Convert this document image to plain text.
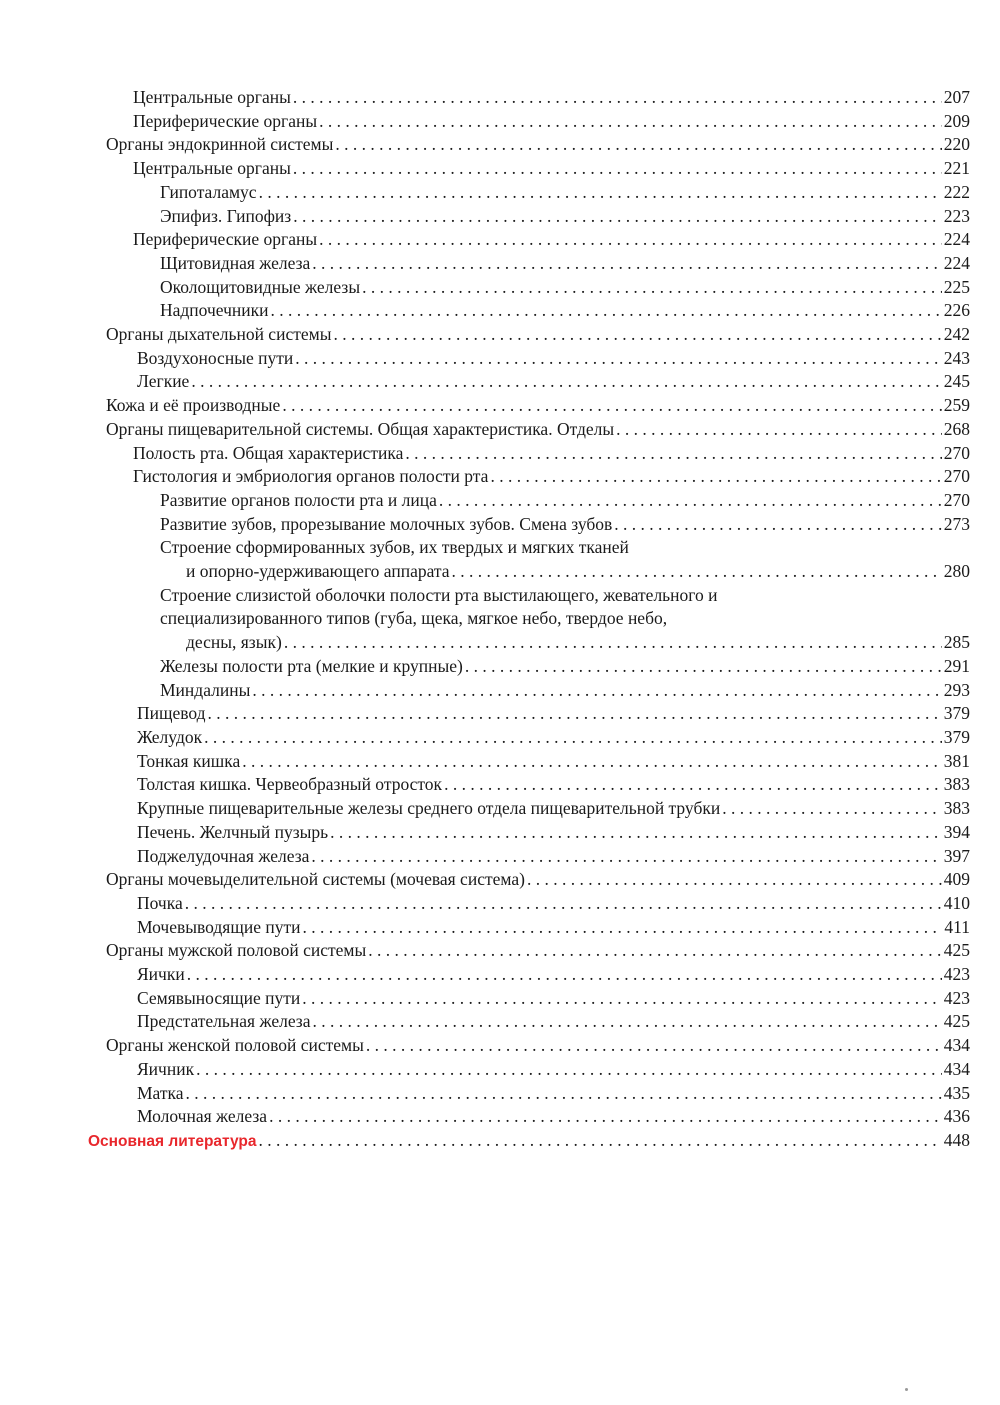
Центральные органы . . .	207
Периферические органы . . .	209
Органы эндокринной системы . . .	220
Центральные органы . . .	221
Гипоталамус . . .	222
Эпифиз. Гипофиз . . .	223
Периферические органы . . .	224
Щитовидная железа . . .	224
Околощитовидные железы . . .	225
Надпочечники . . .	226
Органы дыхательной системы . . .	242
Воздухоносные пути . . .	243
Легкие . . .	245
Кожа и её производные . . .	259
Органы пищеварительной системы. Общая характеристика. Отделы . . .	268
Полость рта. Общая характеристика . . .	270
Гистология и эмбриология органов полости рта . . .	270
Развитие органов полости рта и лица . . .	270
Развитие зубов, прорезывание молочных зубов. Смена зубов . . .	273
Строение сформированных зубов, их твердых и мягких тканей
и опорно-удерживающего аппарата . . .	280
Строение слизистой оболочки полости рта выстилающего, жевательного и
специализированного типов (губа, щека, мягкое небо, твердое небо,
десны, язык) . . .	285
Железы полости рта (мелкие и крупные) . . .	291
Миндалины . . .	293
Пищевод . . .	379
Желудок . . .	379
Тонкая кишка . . .	381
Толстая кишка. Червеобразный отросток . . .	383
Крупные пищеварительные железы среднего отдела пищеварительной трубки . . .	383
Печень. Желчный пузырь . . .	394
Поджелудочная железа . . .	397
Органы мочевыделительной системы (мочевая система) . . .	409
Почка . . .	410
Мочевыводящие пути . . .	411
Органы мужской половой системы . . .	425
Яички . . .	423
Семявыносящие пути . . .	423
Предстательная железа . . .	425
Органы женской половой системы . . .	434
Яичник . . .	434
Матка . . .	435
Молочная железа . . .	436
Основная литература . . .	448
